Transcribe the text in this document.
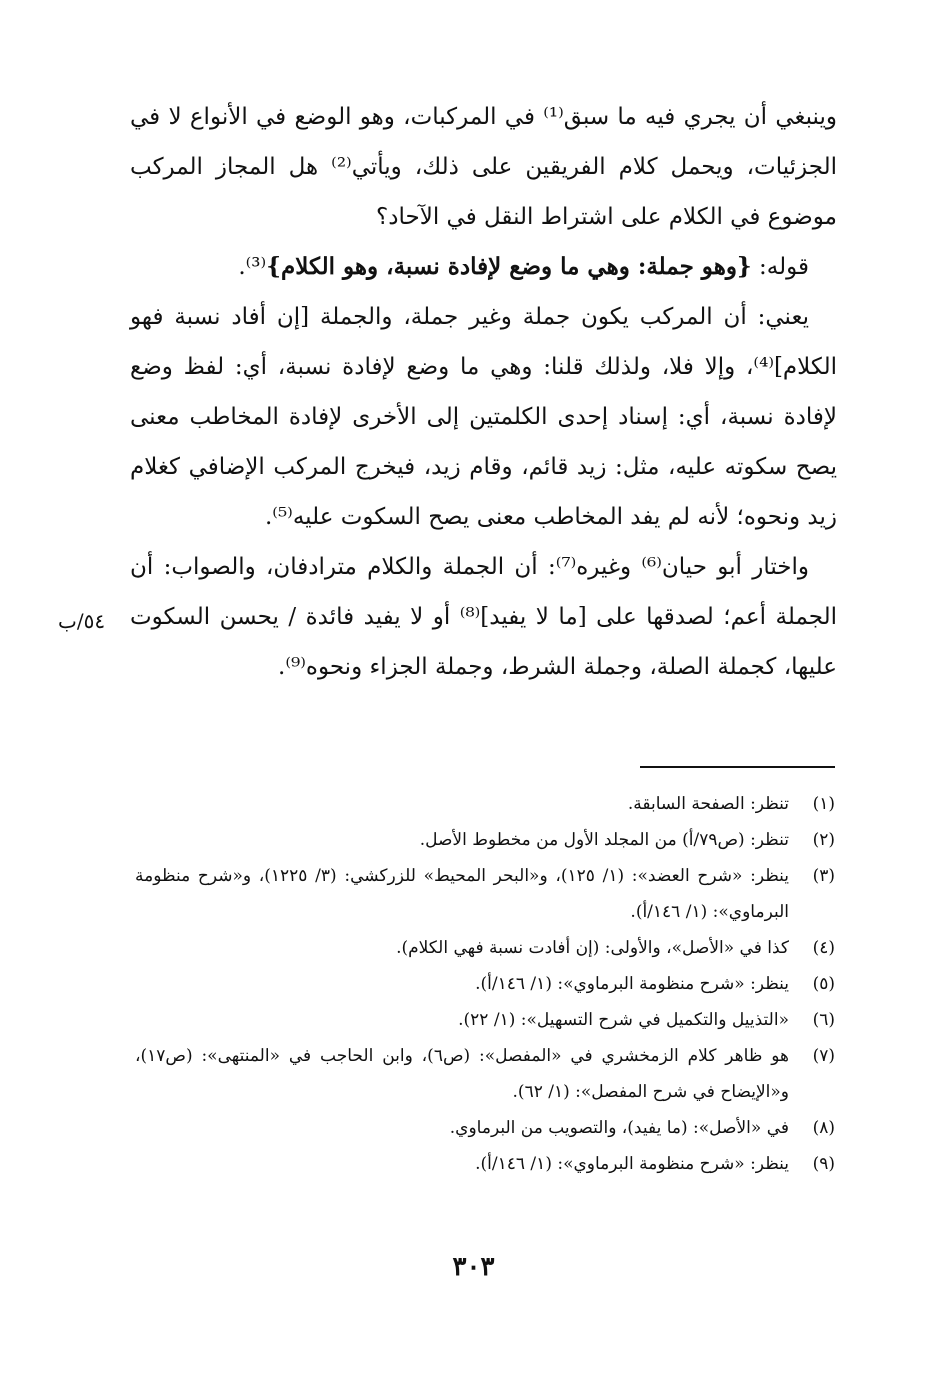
وينبغي أن يجري فيه ما سبق⁽¹⁾ في المركبات، وهو الوضع في الأنواع لا في الجزئيات، ويحمل كلام الفريقين على ذلك، ويأتي⁽²⁾ هل المجاز المركب موضوع في الكلام على اشتراط النقل في الآحاد؟

قوله: {وهو جملة: وهي ما وضع لإفادة نسبة، وهو الكلام}⁽³⁾.

يعني: أن المركب يكون جملة وغير جملة، والجملة [إن أفاد نسبة فهو الكلام]⁽⁴⁾، وإلا فلا، ولذلك قلنا: وهي ما وضع لإفادة نسبة، أي: لفظ وضع لإفادة نسبة، أي: إسناد إحدى الكلمتين إلى الأخرى لإفادة المخاطب معنى يصح سكوته عليه، مثل: زيد قائم، وقام زيد، فيخرج المركب الإضافي كغلام زيد ونحوه؛ لأنه لم يفد المخاطب معنى يصح السكوت عليه⁽⁵⁾.

واختار أبو حيان⁽⁶⁾ وغيره⁽⁷⁾: أن الجملة والكلام مترادفان، والصواب: أن الجملة أعم؛ لصدقها على [ما لا يفيد]⁽⁸⁾ أو لا يفيد فائدة / يحسن السكوت عليها، كجملة الصلة، وجملة الشرط، وجملة الجزاء ونحوه⁽⁹⁾.

٥٤/ب
(١)
تنظر: الصفحة السابقة.
(٢)
تنظر: (ص٧٩/أ) من المجلد الأول من مخطوط الأصل.
(٣)
ينظر: «شرح العضد»: (١/ ١٢٥)، و«البحر المحيط» للزركشي: (٣/ ١٢٢٥)، و«شرح منظومة البرماوي»: (١/ ١٤٦/أ).
(٤)
كذا في «الأصل»، والأولى: (إن أفادت نسبة فهي الكلام).
(٥)
ينظر: «شرح منظومة البرماوي»: (١/ ١٤٦/أ).
(٦)
«التذييل والتكميل في شرح التسهيل»: (١/ ٢٢).
(٧)
هو ظاهر كلام الزمخشري في «المفصل»: (ص٦)، وابن الحاجب في «المنتهى»: (ص١٧)، و«الإيضاح في شرح المفصل»: (١/ ٦٢).
(٨)
في «الأصل»: (ما يفيد)، والتصويب من البرماوي.
(٩)
ينظر: «شرح منظومة البرماوي»: (١/ ١٤٦/أ).
٣٠٣
